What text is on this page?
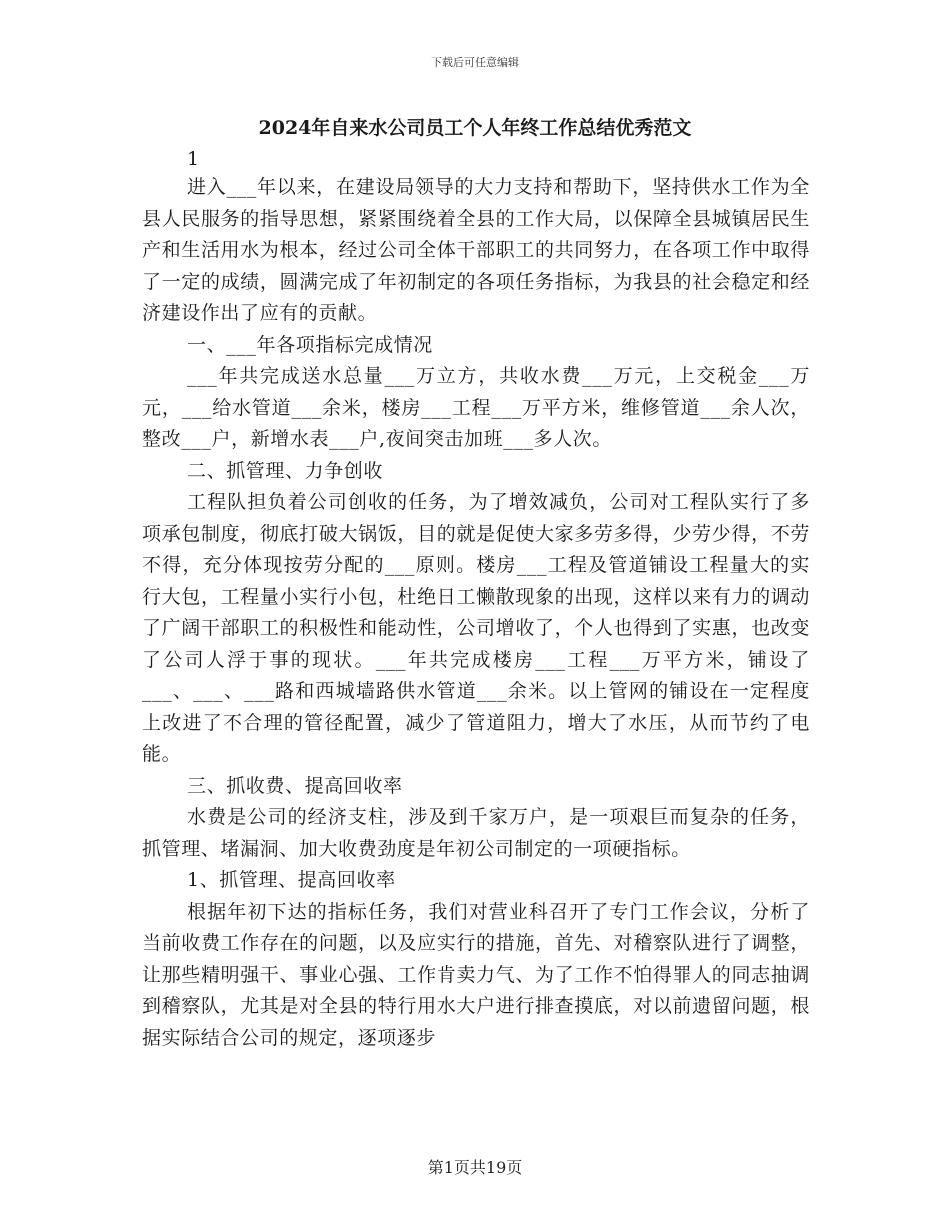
下载后可任意编辑
2024年自来水公司员工个人年终工作总结优秀范文
1

进入___年以来，在建设局领导的大力支持和帮助下，坚持供水工作为全县人民服务的指导思想，紧紧围绕着全县的工作大局，以保障全县城镇居民生产和生活用水为根本，经过公司全体干部职工的共同努力，在各项工作中取得了一定的成绩，圆满完成了年初制定的各项任务指标，为我县的社会稳定和经济建设作出了应有的贡献。

一、___年各项指标完成情况

___年共完成送水总量___万立方，共收水费___万元，上交税金___万元，___给水管道___余米，楼房___工程___万平方米，维修管道___余人次，整改___户，新增水表___户,夜间突击加班___多人次。

二、抓管理、力争创收

工程队担负着公司创收的任务，为了增效减负，公司对工程队实行了多项承包制度，彻底打破大锅饭，目的就是促使大家多劳多得，少劳少得，不劳不得，充分体现按劳分配的___原则。楼房___工程及管道铺设工程量大的实行大包，工程量小实行小包，杜绝日工懒散现象的出现，这样以来有力的调动了广阔干部职工的积极性和能动性，公司增收了，个人也得到了实惠，也改变了公司人浮于事的现状。___年共完成楼房___工程___万平方米，铺设了___、___、___路和西城墙路供水管道___余米。以上管网的铺设在一定程度上改进了不合理的管径配置，减少了管道阻力，增大了水压，从而节约了电能。

三、抓收费、提高回收率

水费是公司的经济支柱，涉及到千家万户，是一项艰巨而复杂的任务，抓管理、堵漏洞、加大收费劲度是年初公司制定的一项硬指标。

1、抓管理、提高回收率

根据年初下达的指标任务，我们对营业科召开了专门工作会议，分析了当前收费工作存在的问题，以及应实行的措施，首先、对稽察队进行了调整，让那些精明强干、事业心强、工作肯卖力气、为了工作不怕得罪人的同志抽调到稽察队，尤其是对全县的特行用水大户进行排查摸底，对以前遗留问题，根据实际结合公司的规定，逐项逐步

第1页共19页
